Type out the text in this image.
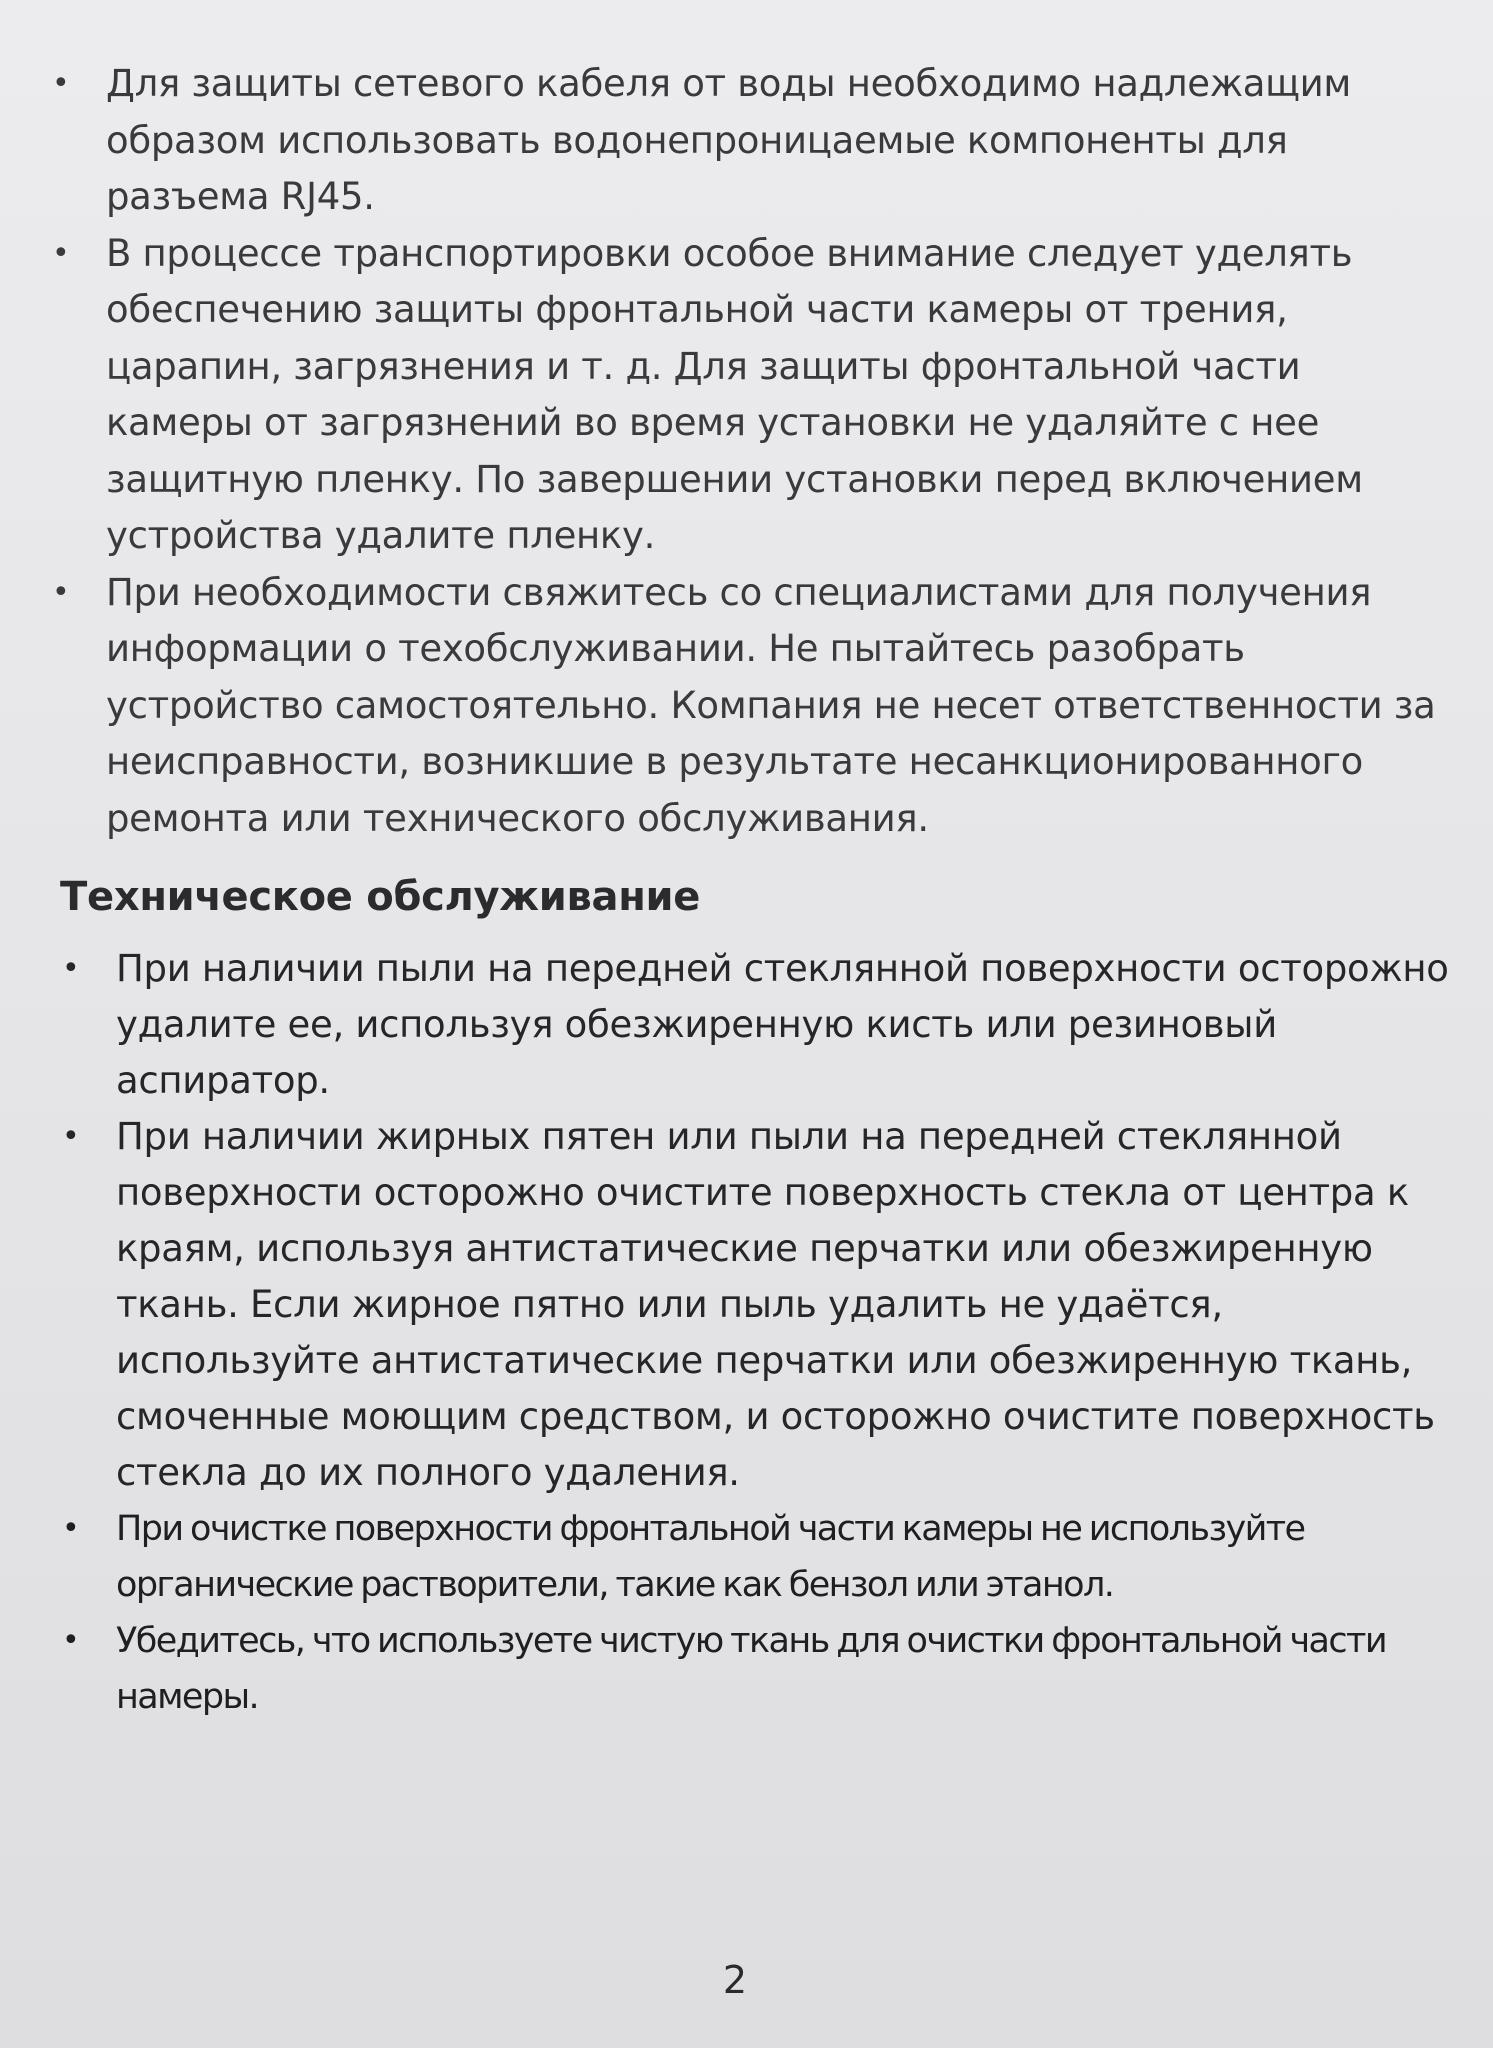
• Для защиты сетевого кабеля от воды необходимо надлежащим образом использовать водонепроницаемые компоненты для разъема RJ45.
• В процессе транспортировки особое внимание следует уделять обеспечению защиты фронтальной части камеры от трения, царапин, загрязнения и т. д. Для защиты фронтальной части камеры от загрязнений во время установки не удаляйте с нее защитную пленку. По завершении установки перед включением устройства удалите пленку.
• При необходимости свяжитесь со специалистами для получения информации о техобслуживании. Не пытайтесь разобрать устройство самостоятельно. Компания не несет ответственности за неисправности, возникшие в результате несанкционированного ремонта или технического обслуживания.
Техническое обслуживание
• При наличии пыли на передней стеклянной поверхности осторожно удалите ее, используя обезжиренную кисть или резиновый аспиратор.
• При наличии жирных пятен или пыли на передней стеклянной поверхности осторожно очистите поверхность стекла от центра к краям, используя антистатические перчатки или обезжиренную ткань. Если жирное пятно или пыль удалить не удаётся, используйте антистатические перчатки или обезжиренную ткань, смоченные моющим средством, и осторожно очистите поверхность стекла до их полного удаления.
• При очистке поверхности фронтальной части камеры не используйте органические растворители, такие как бензол или этанол.
• Убедитесь, что используете чистую ткань для очистки фронтальной части намеры.
2
